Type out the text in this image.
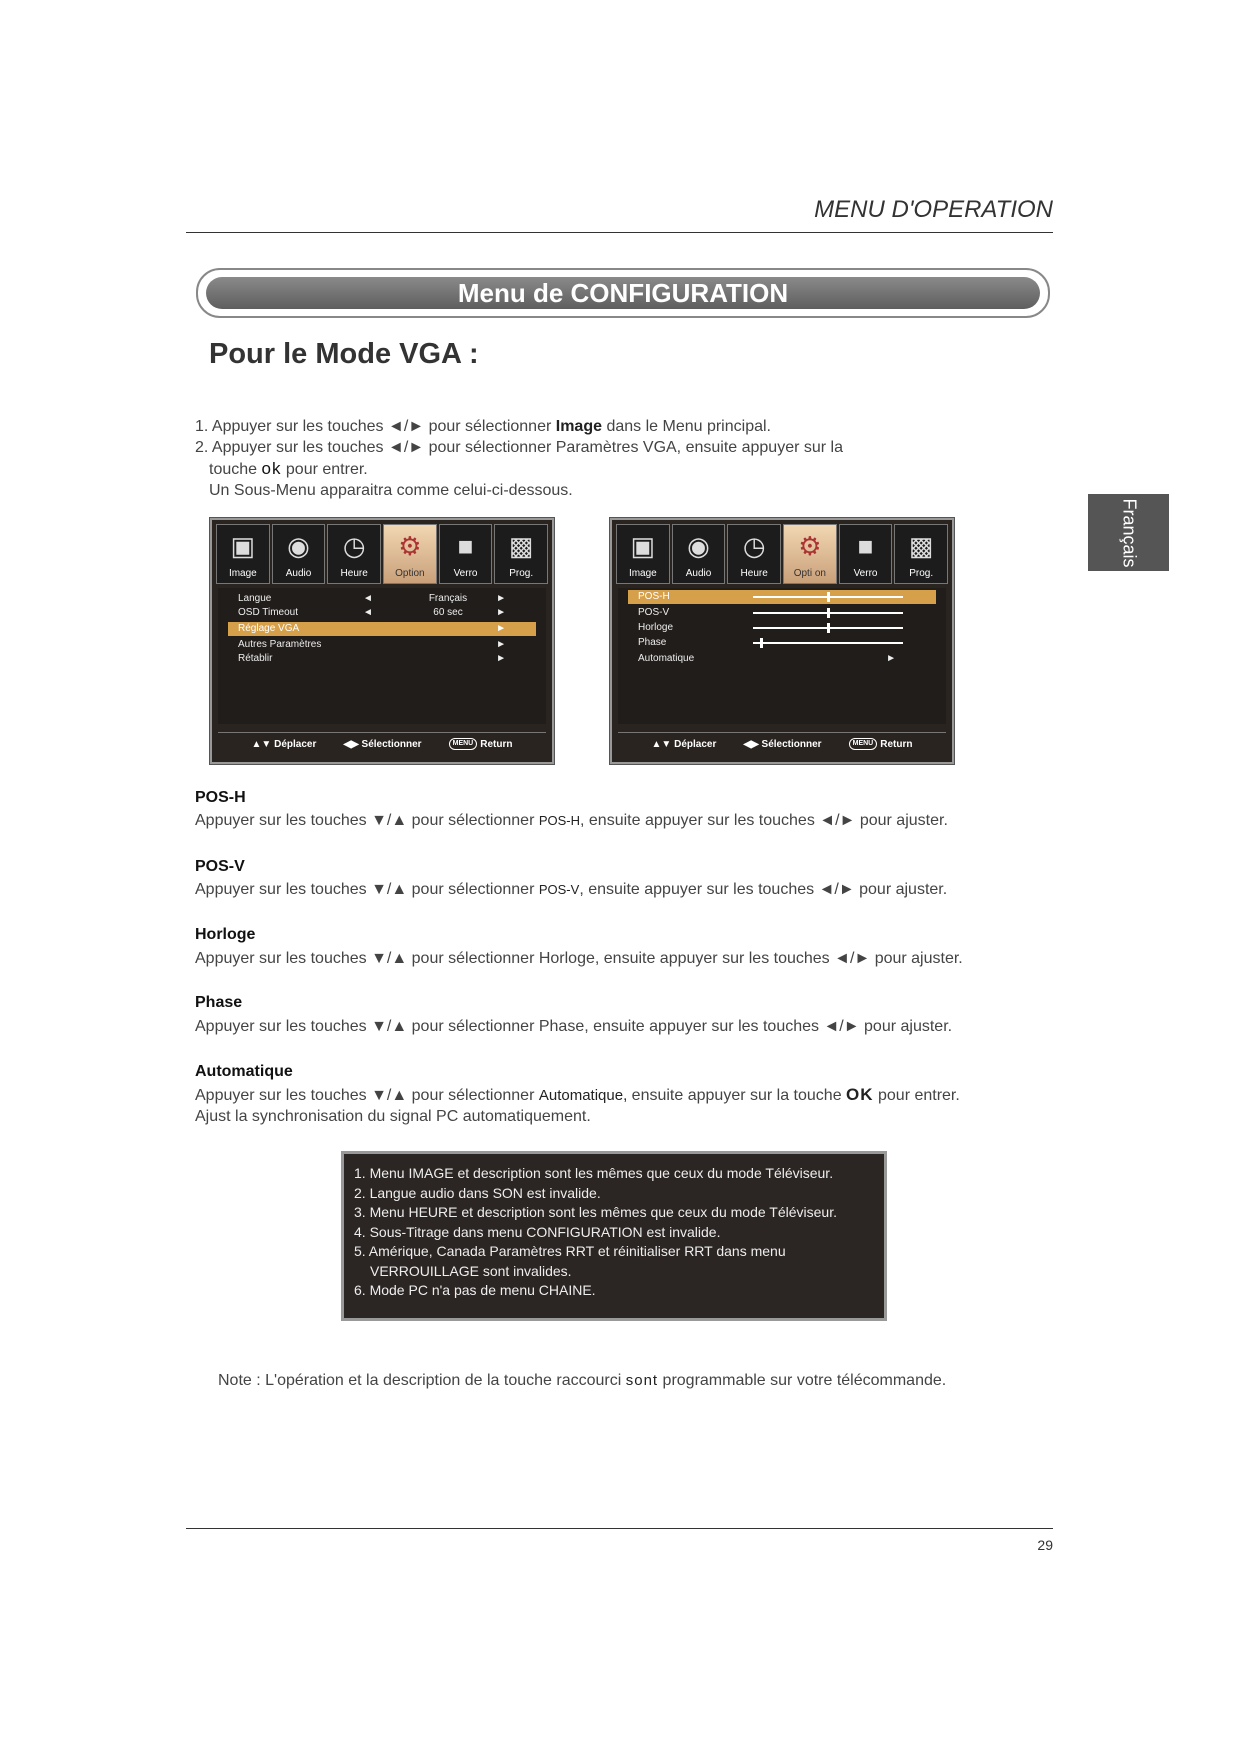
MENU D'OPERATION
Menu de CONFIGURATION
Pour le Mode VGA :
Français
1. Appuyer sur les touches ◄/► pour sélectionner Image dans le Menu principal.
2. Appuyer sur les touches ◄/► pour sélectionner Paramètres VGA, ensuite appuyer sur la
touche ok pour entrer.
Un Sous-Menu apparaitra comme celui-ci-dessous.
▣
Image
◉
Audio
◷
Heure
⚙
Option
■
Verro
▩
Prog.
Langue	◄	Français	►
OSD Timeout	◄	60 sec	►
Réglage VGA	►
Autres Paramètres	►
Rétablir	►
▲▼ Déplacer	◀▶ Sélectionner	MENU Return
▣
Image
◉
Audio
◷
Heure
⚙
Opti on
■
Verro
▩
Prog.
POS-H
POS-V
Horloge
Phase
Automatique	►
▲▼ Déplacer	◀▶ Sélectionner	MENU Return
POS-H
Appuyer sur les touches ▼/▲ pour sélectionner POS-H, ensuite appuyer sur les touches ◄/► pour ajuster.
POS-V
Appuyer sur les touches ▼/▲ pour sélectionner POS-V, ensuite appuyer sur les touches ◄/► pour ajuster.
Horloge
Appuyer sur les touches ▼/▲ pour sélectionner Horloge, ensuite appuyer sur les touches ◄/► pour ajuster.
Phase
Appuyer sur les touches ▼/▲ pour sélectionner Phase, ensuite appuyer sur les touches ◄/► pour ajuster.
Automatique
Appuyer sur les touches ▼/▲ pour sélectionner Automatique, ensuite appuyer sur la touche OK pour entrer.
Ajust la synchronisation du signal PC automatiquement.
1. Menu IMAGE et description sont les mêmes que ceux du mode Téléviseur.
2. Langue audio dans SON est invalide.
3. Menu HEURE et description sont les mêmes que ceux du mode Téléviseur.
4. Sous-Titrage dans menu CONFIGURATION est invalide.
5. Amérique, Canada Paramètres RRT et réinitialiser RRT dans menu
VERROUILLAGE sont invalides.
6. Mode PC n'a pas de menu CHAINE.
Note : L'opération et la description de la touche raccourci sont programmable sur votre télécommande.
29
